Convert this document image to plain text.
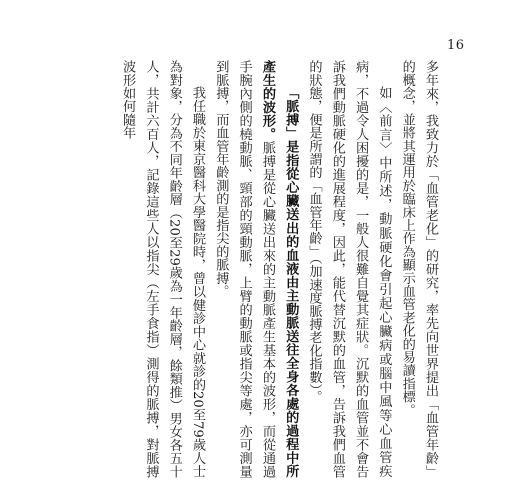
16

多年來，我致力於「血管老化」的研究，率先向世界提出「血管年齡」的概念，並將其運用於臨床上作為顯示血管老化的易讀指標。

如〈前言〉中所述，動脈硬化會引起心臟病或腦中風等心血管疾病，不過令人困擾的是，一般人很難自覺其症狀。沉默的血管並不會告訴我們動脈硬化的進展程度，因此，能代替沉默的血管，告訴我們血管的狀態，便是所謂的「血管年齡」（加速度脈搏老化指數）。

「脈搏」是指從心臟送出的血液由主動脈送往全身各處的過程中所產生的波形。脈搏是從心臟送出來的主動脈產生基本的波形，而從通過手腕內側的橈動脈、頸部的頸動脈，上臂的動脈或指尖等處，亦可測量到脈搏，而血管年齡測的是指尖的脈搏。

我任職於東京醫科大學醫院時，曾以健診中心就診的20至79歲人士為對象，分為不同年齡層（20至29歲為一年齡層，餘類推）男女各五十人，共計六百人，記錄這些人以指尖（左手食指）測得的脈搏，對脈搏波形如何隨年
